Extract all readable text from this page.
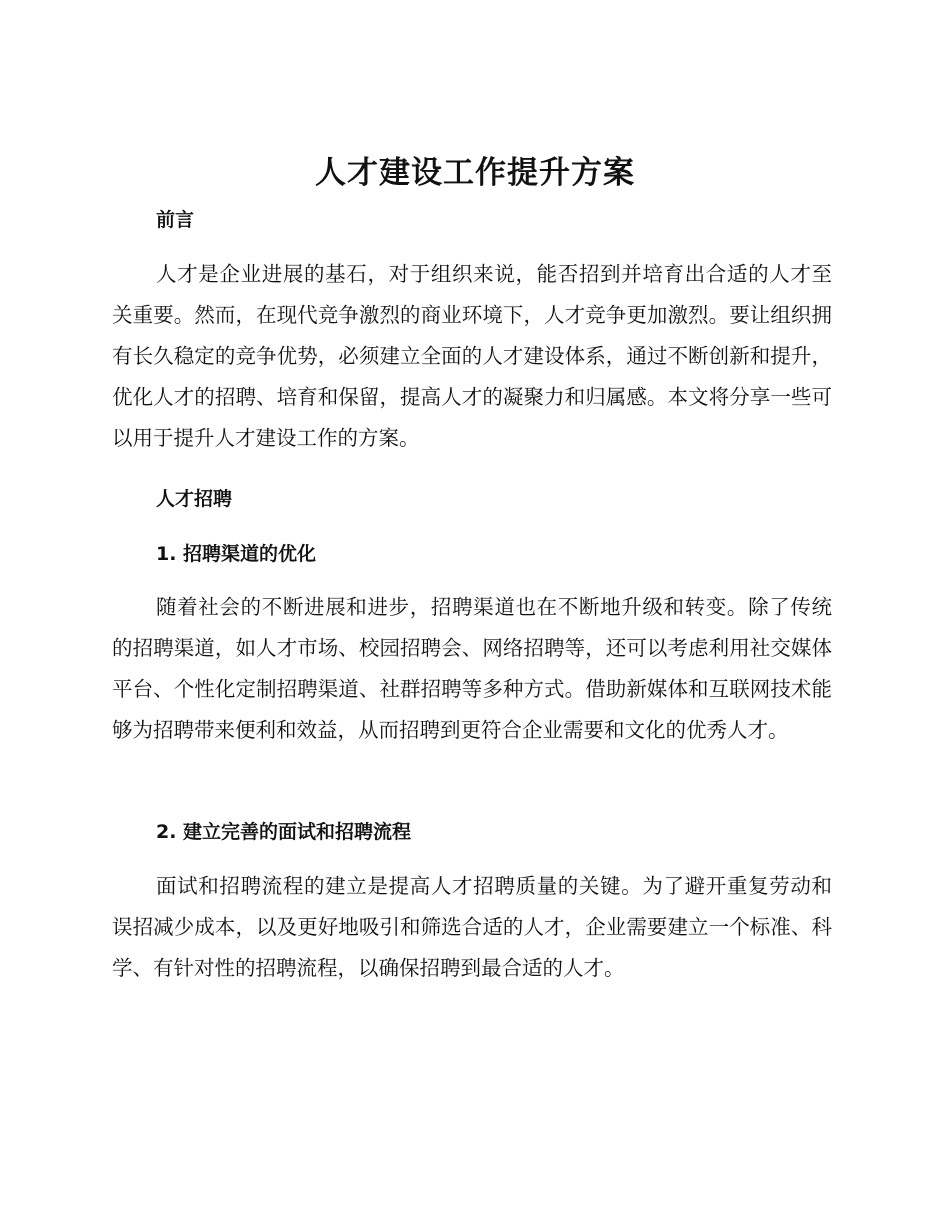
人才建设工作提升方案
前言

人才是企业进展的基石，对于组织来说，能否招到并培育出合适的人才至关重要。然而，在现代竞争激烈的商业环境下，人才竞争更加激烈。要让组织拥有长久稳定的竞争优势，必须建立全面的人才建设体系，通过不断创新和提升，优化人才的招聘、培育和保留，提高人才的凝聚力和归属感。本文将分享一些可以用于提升人才建设工作的方案。

人才招聘
1. 招聘渠道的优化

随着社会的不断进展和进步，招聘渠道也在不断地升级和转变。除了传统的招聘渠道，如人才市场、校园招聘会、网络招聘等，还可以考虑利用社交媒体平台、个性化定制招聘渠道、社群招聘等多种方式。借助新媒体和互联网技术能够为招聘带来便利和效益，从而招聘到更符合企业需要和文化的优秀人才。

2. 建立完善的面试和招聘流程

面试和招聘流程的建立是提高人才招聘质量的关键。为了避开重复劳动和误招减少成本，以及更好地吸引和筛选合适的人才，企业需要建立一个标准、科学、有针对性的招聘流程，以确保招聘到最合适的人才。
